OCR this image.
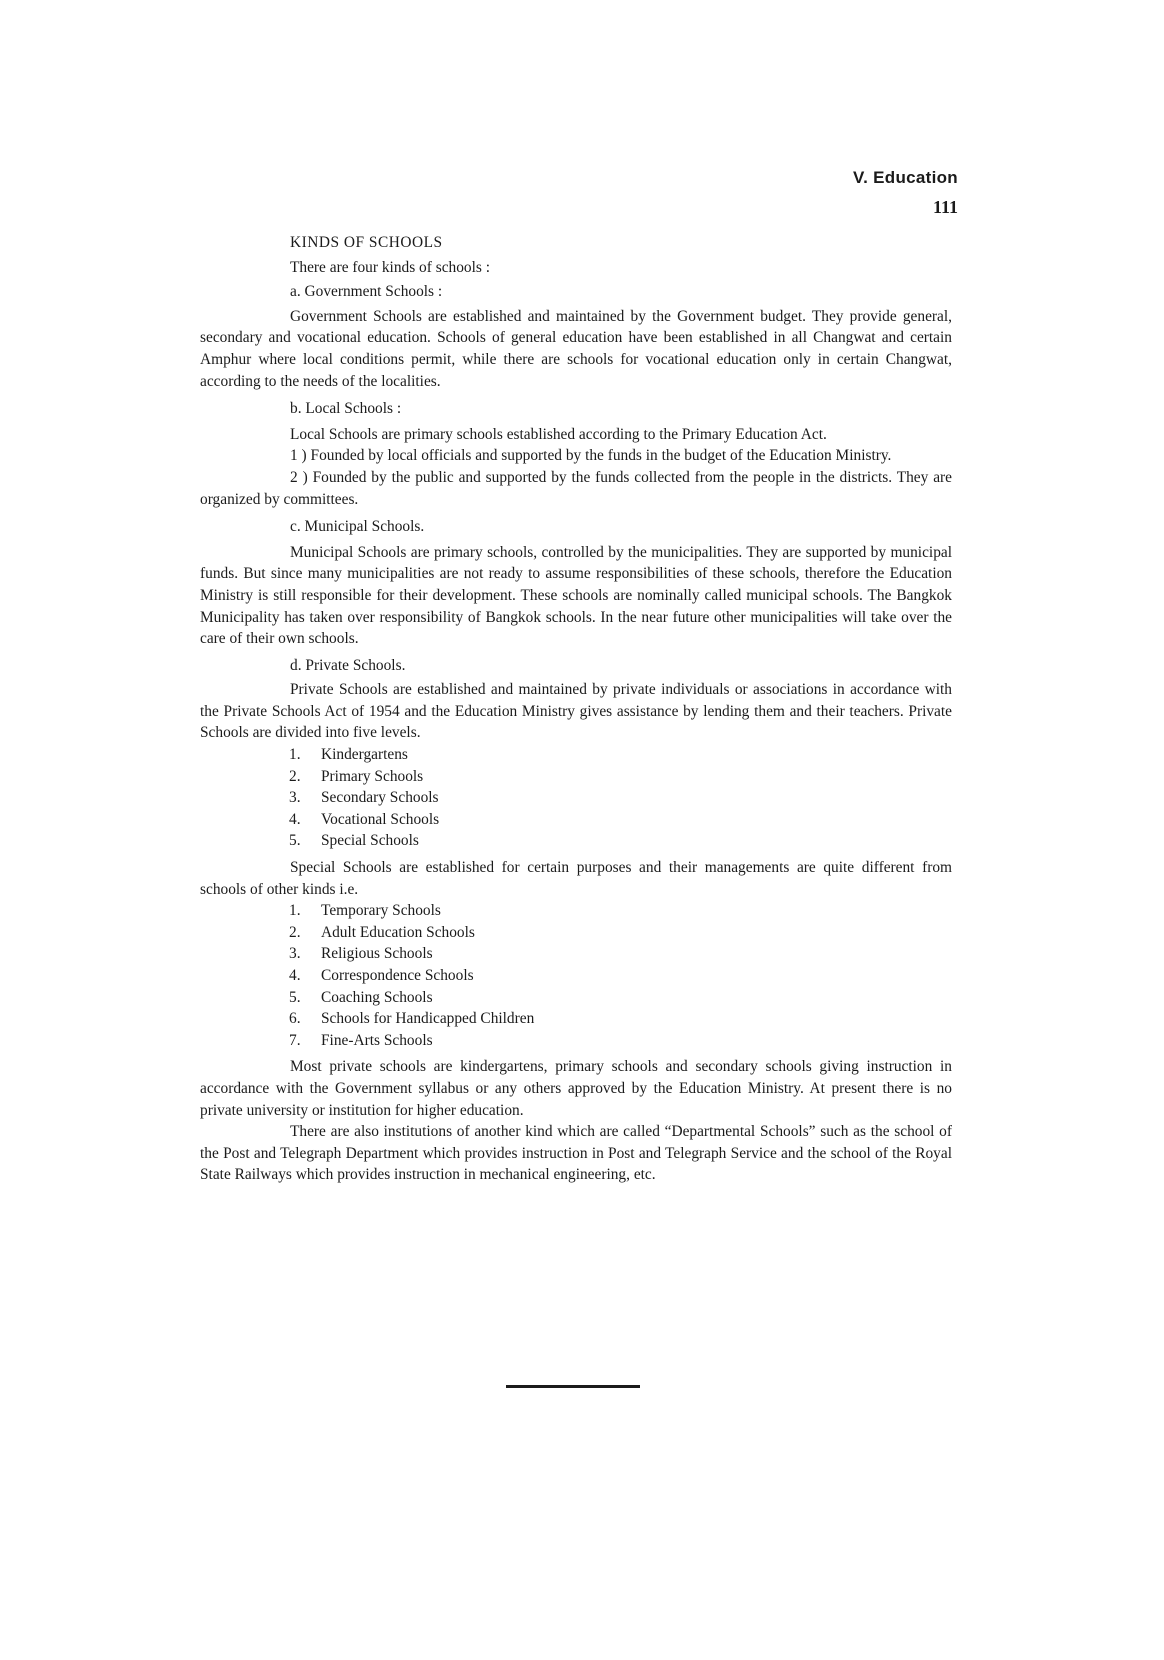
V. Education
111
KINDS OF SCHOOLS
There are four kinds of schools :
a. Government Schools :

Government Schools are established and maintained by the Government budget. They provide general, secondary and vocational education. Schools of general education have been established in all Changwat and certain Amphur where local conditions permit, while there are schools for vocational education only in certain Changwat, according to the needs of the localities.

b. Local Schools :

Local Schools are primary schools established according to the Primary Education Act.

1 ) Founded by local officials and supported by the funds in the budget of the Education Ministry.

2 ) Founded by the public and supported by the funds collected from the people in the districts. They are organized by committees.

c. Municipal Schools.

Municipal Schools are primary schools, controlled by the municipalities. They are supported by municipal funds. But since many municipalities are not ready to assume responsibilities of these schools, therefore the Education Ministry is still responsible for their development. These schools are nominally called municipal schools. The Bangkok Municipality has taken over responsibility of Bangkok schools. In the near future other municipalities will take over the care of their own schools.

d. Private Schools.

Private Schools are established and maintained by private individuals or associations in accordance with the Private Schools Act of 1954 and the Education Ministry gives assistance by lending them and their teachers. Private Schools are divided into five levels.

1.	Kindergartens
2.	Primary Schools
3.	Secondary Schools
4.	Vocational Schools
5.	Special Schools

Special Schools are established for certain purposes and their managements are quite different from schools of other kinds i.e.

1.	Temporary Schools
2.	Adult Education Schools
3.	Religious Schools
4.	Correspondence Schools
5.	Coaching Schools
6.	Schools for Handicapped Children
7.	Fine-Arts Schools

Most private schools are kindergartens, primary schools and secondary schools giving instruction in accordance with the Government syllabus or any others approved by the Education Ministry. At present there is no private university or institution for higher education.

There are also institutions of another kind which are called “Departmental Schools” such as the school of the Post and Telegraph Department which provides instruction in Post and Telegraph Service and the school of the Royal State Railways which provides instruction in mechanical engineering, etc.
